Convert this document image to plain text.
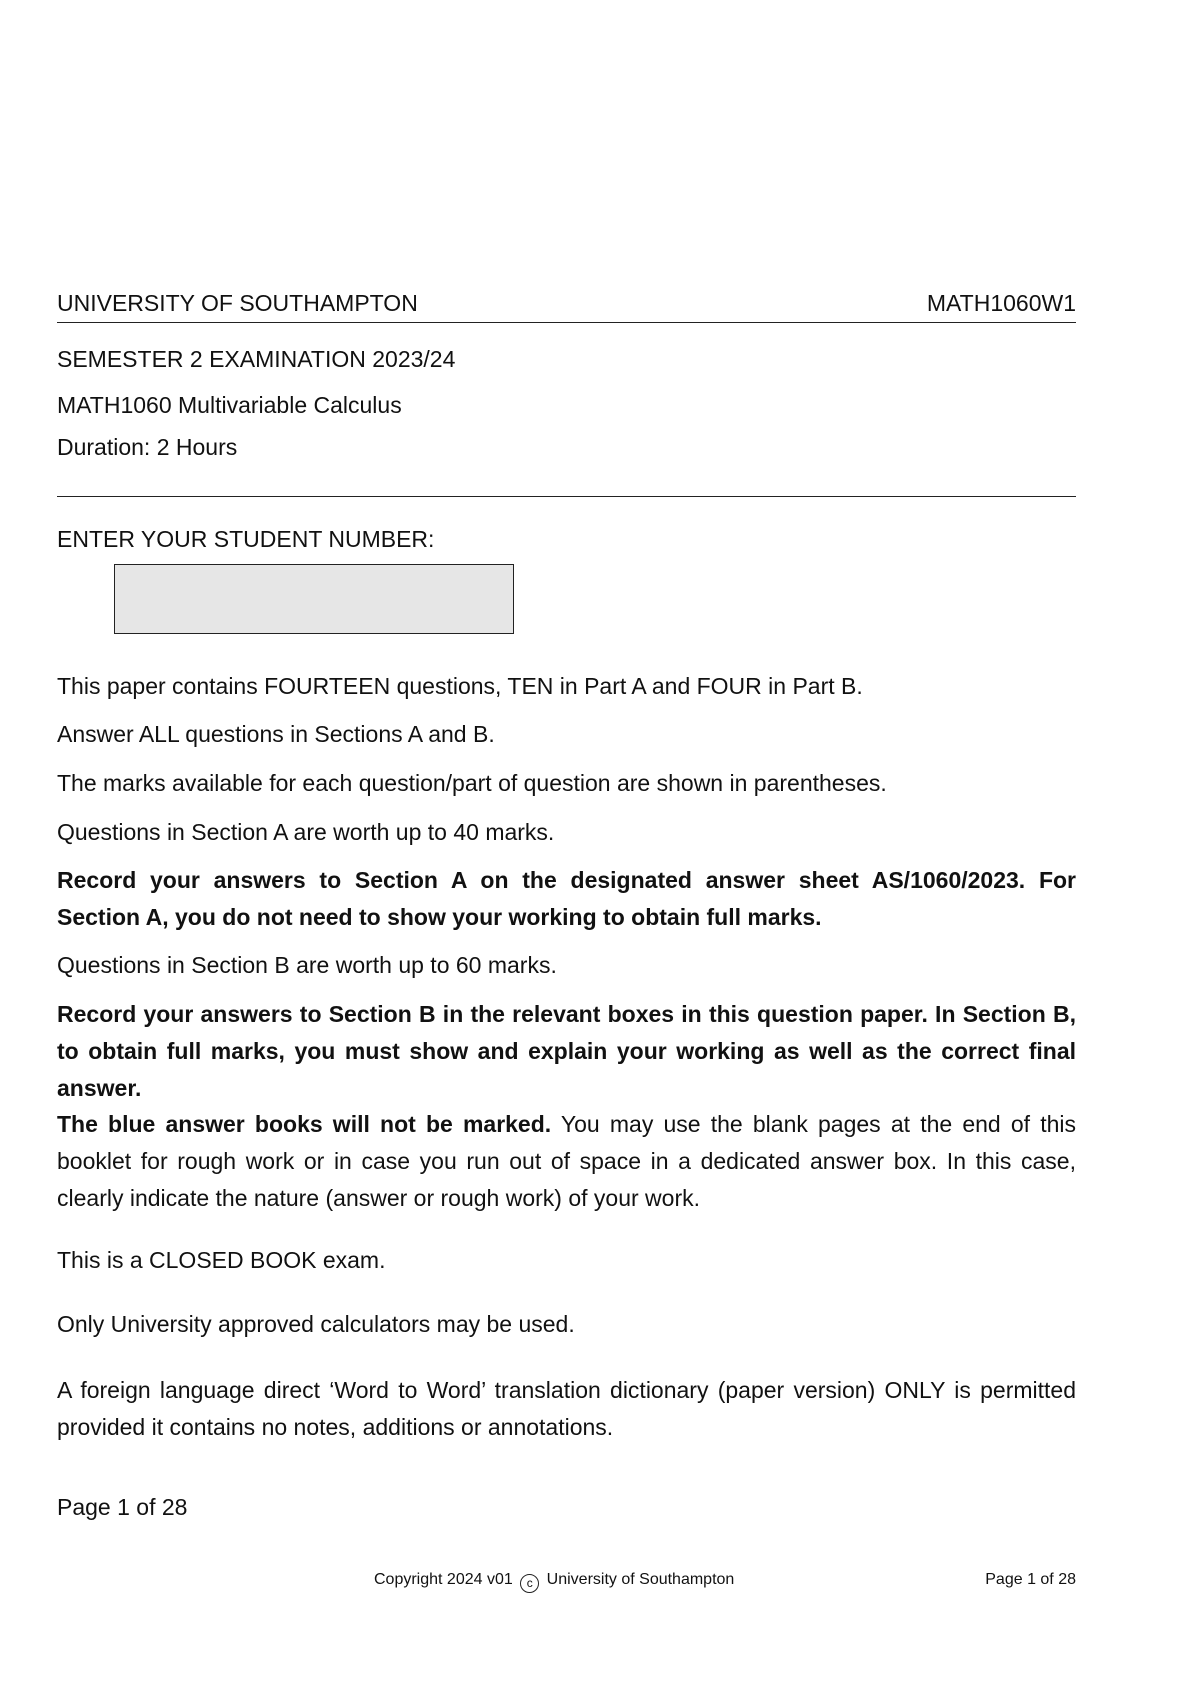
UNIVERSITY OF SOUTHAMPTON	MATH1060W1
SEMESTER 2 EXAMINATION 2023/24
MATH1060 Multivariable Calculus
Duration: 2 Hours
ENTER YOUR STUDENT NUMBER:
This paper contains FOURTEEN questions, TEN in Part A and FOUR in Part B.
Answer ALL questions in Sections A and B.
The marks available for each question/part of question are shown in parentheses.
Questions in Section A are worth up to 40 marks.
Record your answers to Section A on the designated answer sheet AS/1060/2023. For Section A, you do not need to show your working to obtain full marks.
Questions in Section B are worth up to 60 marks.
Record your answers to Section B in the relevant boxes in this question paper. In Section B, to obtain full marks, you must show and explain your working as well as the correct final answer.
The blue answer books will not be marked. You may use the blank pages at the end of this booklet for rough work or in case you run out of space in a dedicated answer box. In this case, clearly indicate the nature (answer or rough work) of your work.
This is a CLOSED BOOK exam.
Only University approved calculators may be used.
A foreign language direct ‘Word to Word’ translation dictionary (paper version) ONLY is permitted provided it contains no notes, additions or annotations.
Page 1 of 28
Copyright 2024 v01 c University of Southampton	Page 1 of 28
